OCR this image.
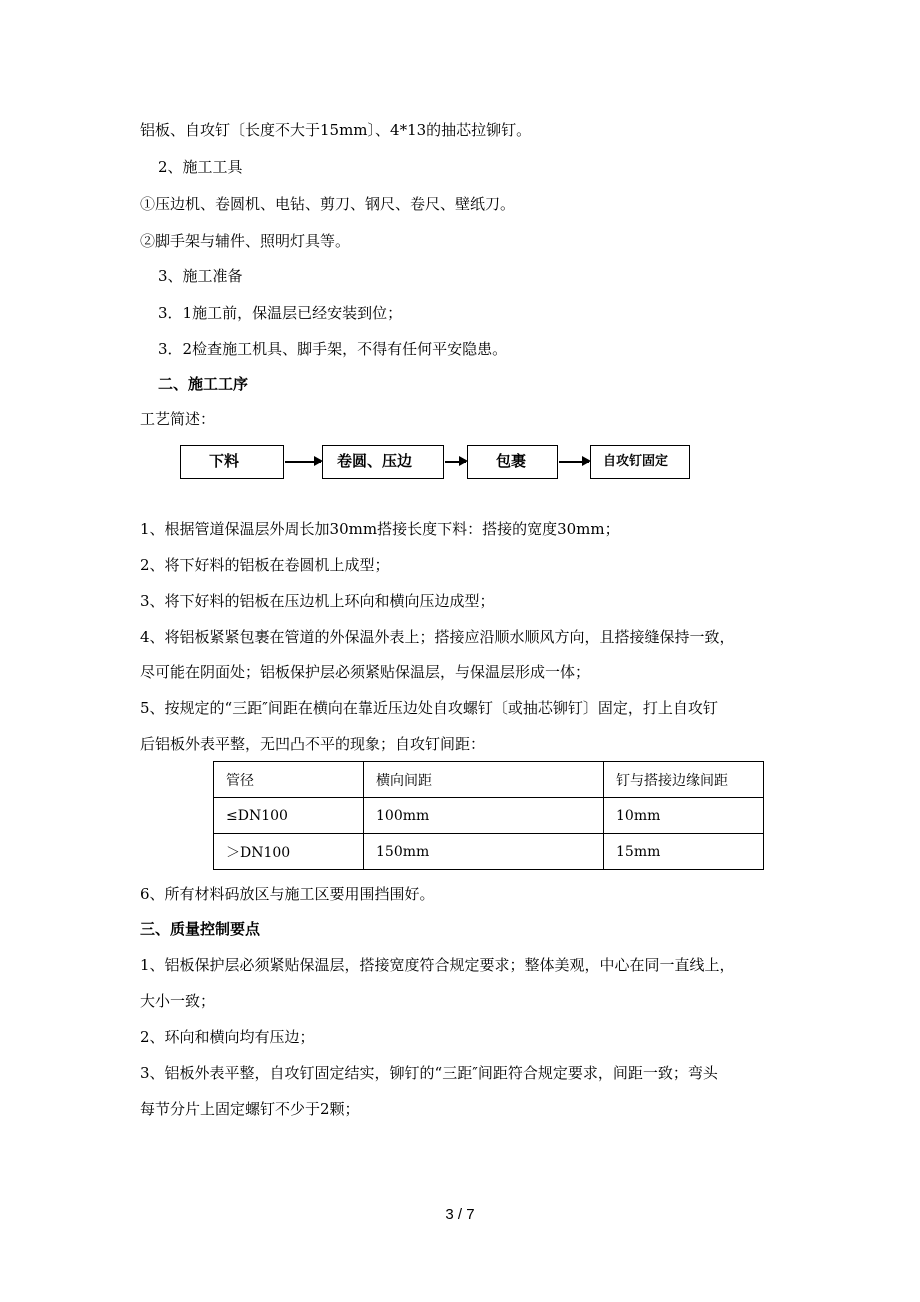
铝板、自攻钉〔长度不大于15mm〕、4*13的抽芯拉铆钉。
2、施工工具
①压边机、卷圆机、电钻、剪刀、钢尺、卷尺、壁纸刀。
②脚手架与辅件、照明灯具等。
3、施工准备
3．1施工前，保温层已经安装到位；
3．2检查施工机具、脚手架，不得有任何平安隐患。
二、施工工序
工艺简述：
下料	卷圆、压边	包裹	自攻钉固定
1、根据管道保温层外周长加30mm搭接长度下料：搭接的宽度30mm；
2、将下好料的铝板在卷圆机上成型；
3、将下好料的铝板在压边机上环向和横向压边成型；
4、将铝板紧紧包裹在管道的外保温外表上；搭接应沿顺水顺风方向，且搭接缝保持一致，
尽可能在阴面处；铝板保护层必须紧贴保温层，与保温层形成一体；
5、按规定的“三距″间距在横向在靠近压边处自攻螺钉〔或抽芯铆钉〕固定，打上自攻钉
后铝板外表平整，无凹凸不平的现象；自攻钉间距：
管径	横向间距	钉与搭接边缘间距
≤DN100	100mm	10mm
＞DN100	150mm	15mm
6、所有材料码放区与施工区要用围挡围好。
三、质量控制要点
1、铝板保护层必须紧贴保温层，搭接宽度符合规定要求；整体美观，中心在同一直线上，
大小一致；
2、环向和横向均有压边；
3、铝板外表平整，自攻钉固定结实，铆钉的“三距″间距符合规定要求，间距一致；弯头
每节分片上固定螺钉不少于2颗；
3 / 7
